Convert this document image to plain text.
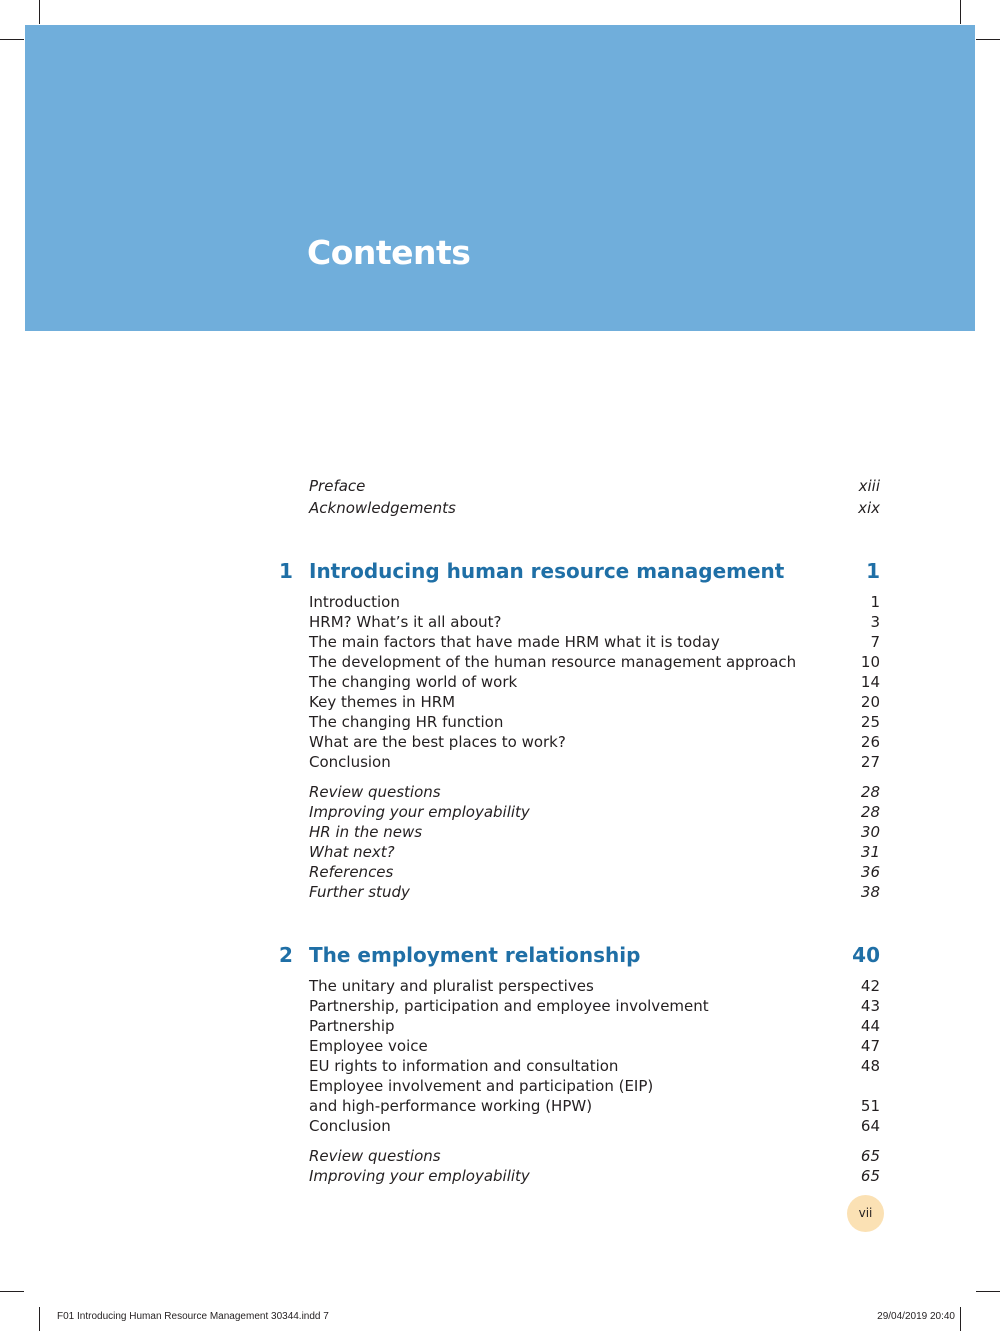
Contents
Preface	xiii
Acknowledgements	xix
1 Introducing human resource management	1
Introduction	1
HRM? What’s it all about?	3
The main factors that have made HRM what it is today	7
The development of the human resource management approach	10
The changing world of work	14
Key themes in HRM	20
The changing HR function	25
What are the best places to work?	26
Conclusion	27
Review questions	28
Improving your employability	28
HR in the news	30
What next?	31
References	36
Further study	38
2 The employment relationship	40
The unitary and pluralist perspectives	42
Partnership, participation and employee involvement	43
Partnership	44
Employee voice	47
EU rights to information and consultation	48
Employee involvement and participation (EIP)
and high-performance working (HPW)	51
Conclusion	64
Review questions	65
Improving your employability	65
vii
F01 Introducing Human Resource Management 30344.indd 7	29/04/2019 20:40
